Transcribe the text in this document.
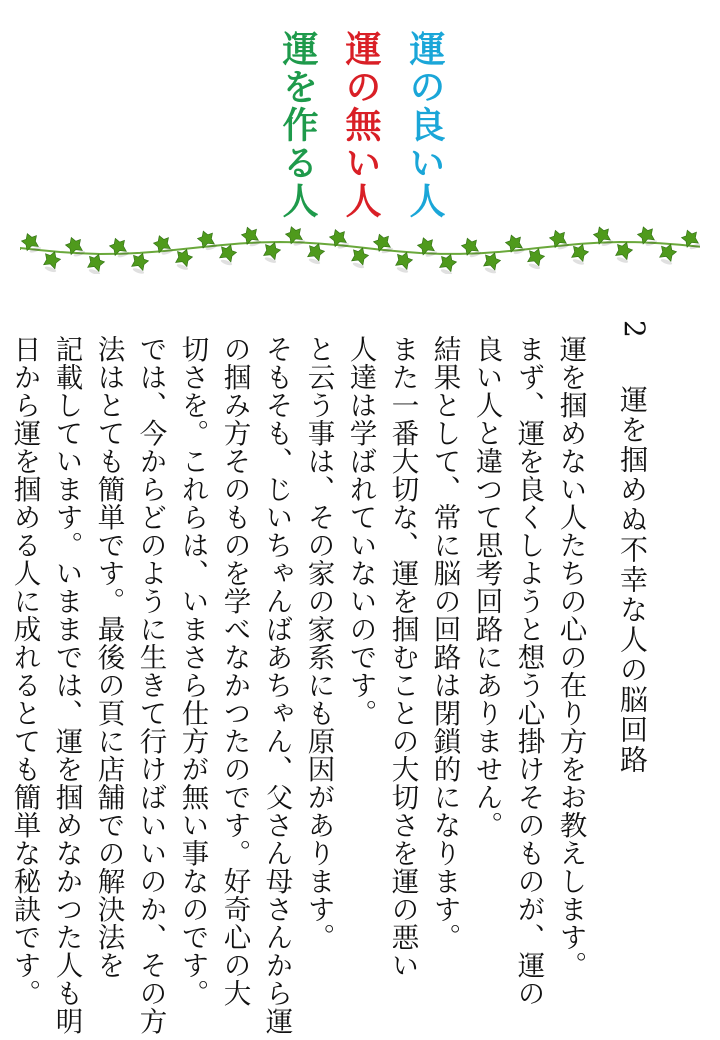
運の良い人
運の無い人
運を作る人
2
運を掴めぬ不幸な人の脳回路
運を掴めない人たちの心の在り方をお教えします。
まず、運を良くしようと想う心掛けそのものが、運の
良い人と違つて思考回路にありません。
結果として、常に脳の回路は閉鎖的になります。
また一番大切な、運を掴むことの大切さを運の悪い
人達は学ばれていないのです。
と云う事は、その家の家系にも原因があります。
そもそも、じいちゃんばあちゃん、父さん母さんから運
の掴み方そのものを学べなかつたのです。好奇心の大
切さを。これらは、いまさら仕方が無い事なのです。
では、今からどのように生きて行けばいいのか、その方
法はとても簡単です。最後の頁に店舗での解決法を
記載しています。いままでは、運を掴めなかつた人も明
日から運を掴める人に成れるとても簡単な秘訣です。
